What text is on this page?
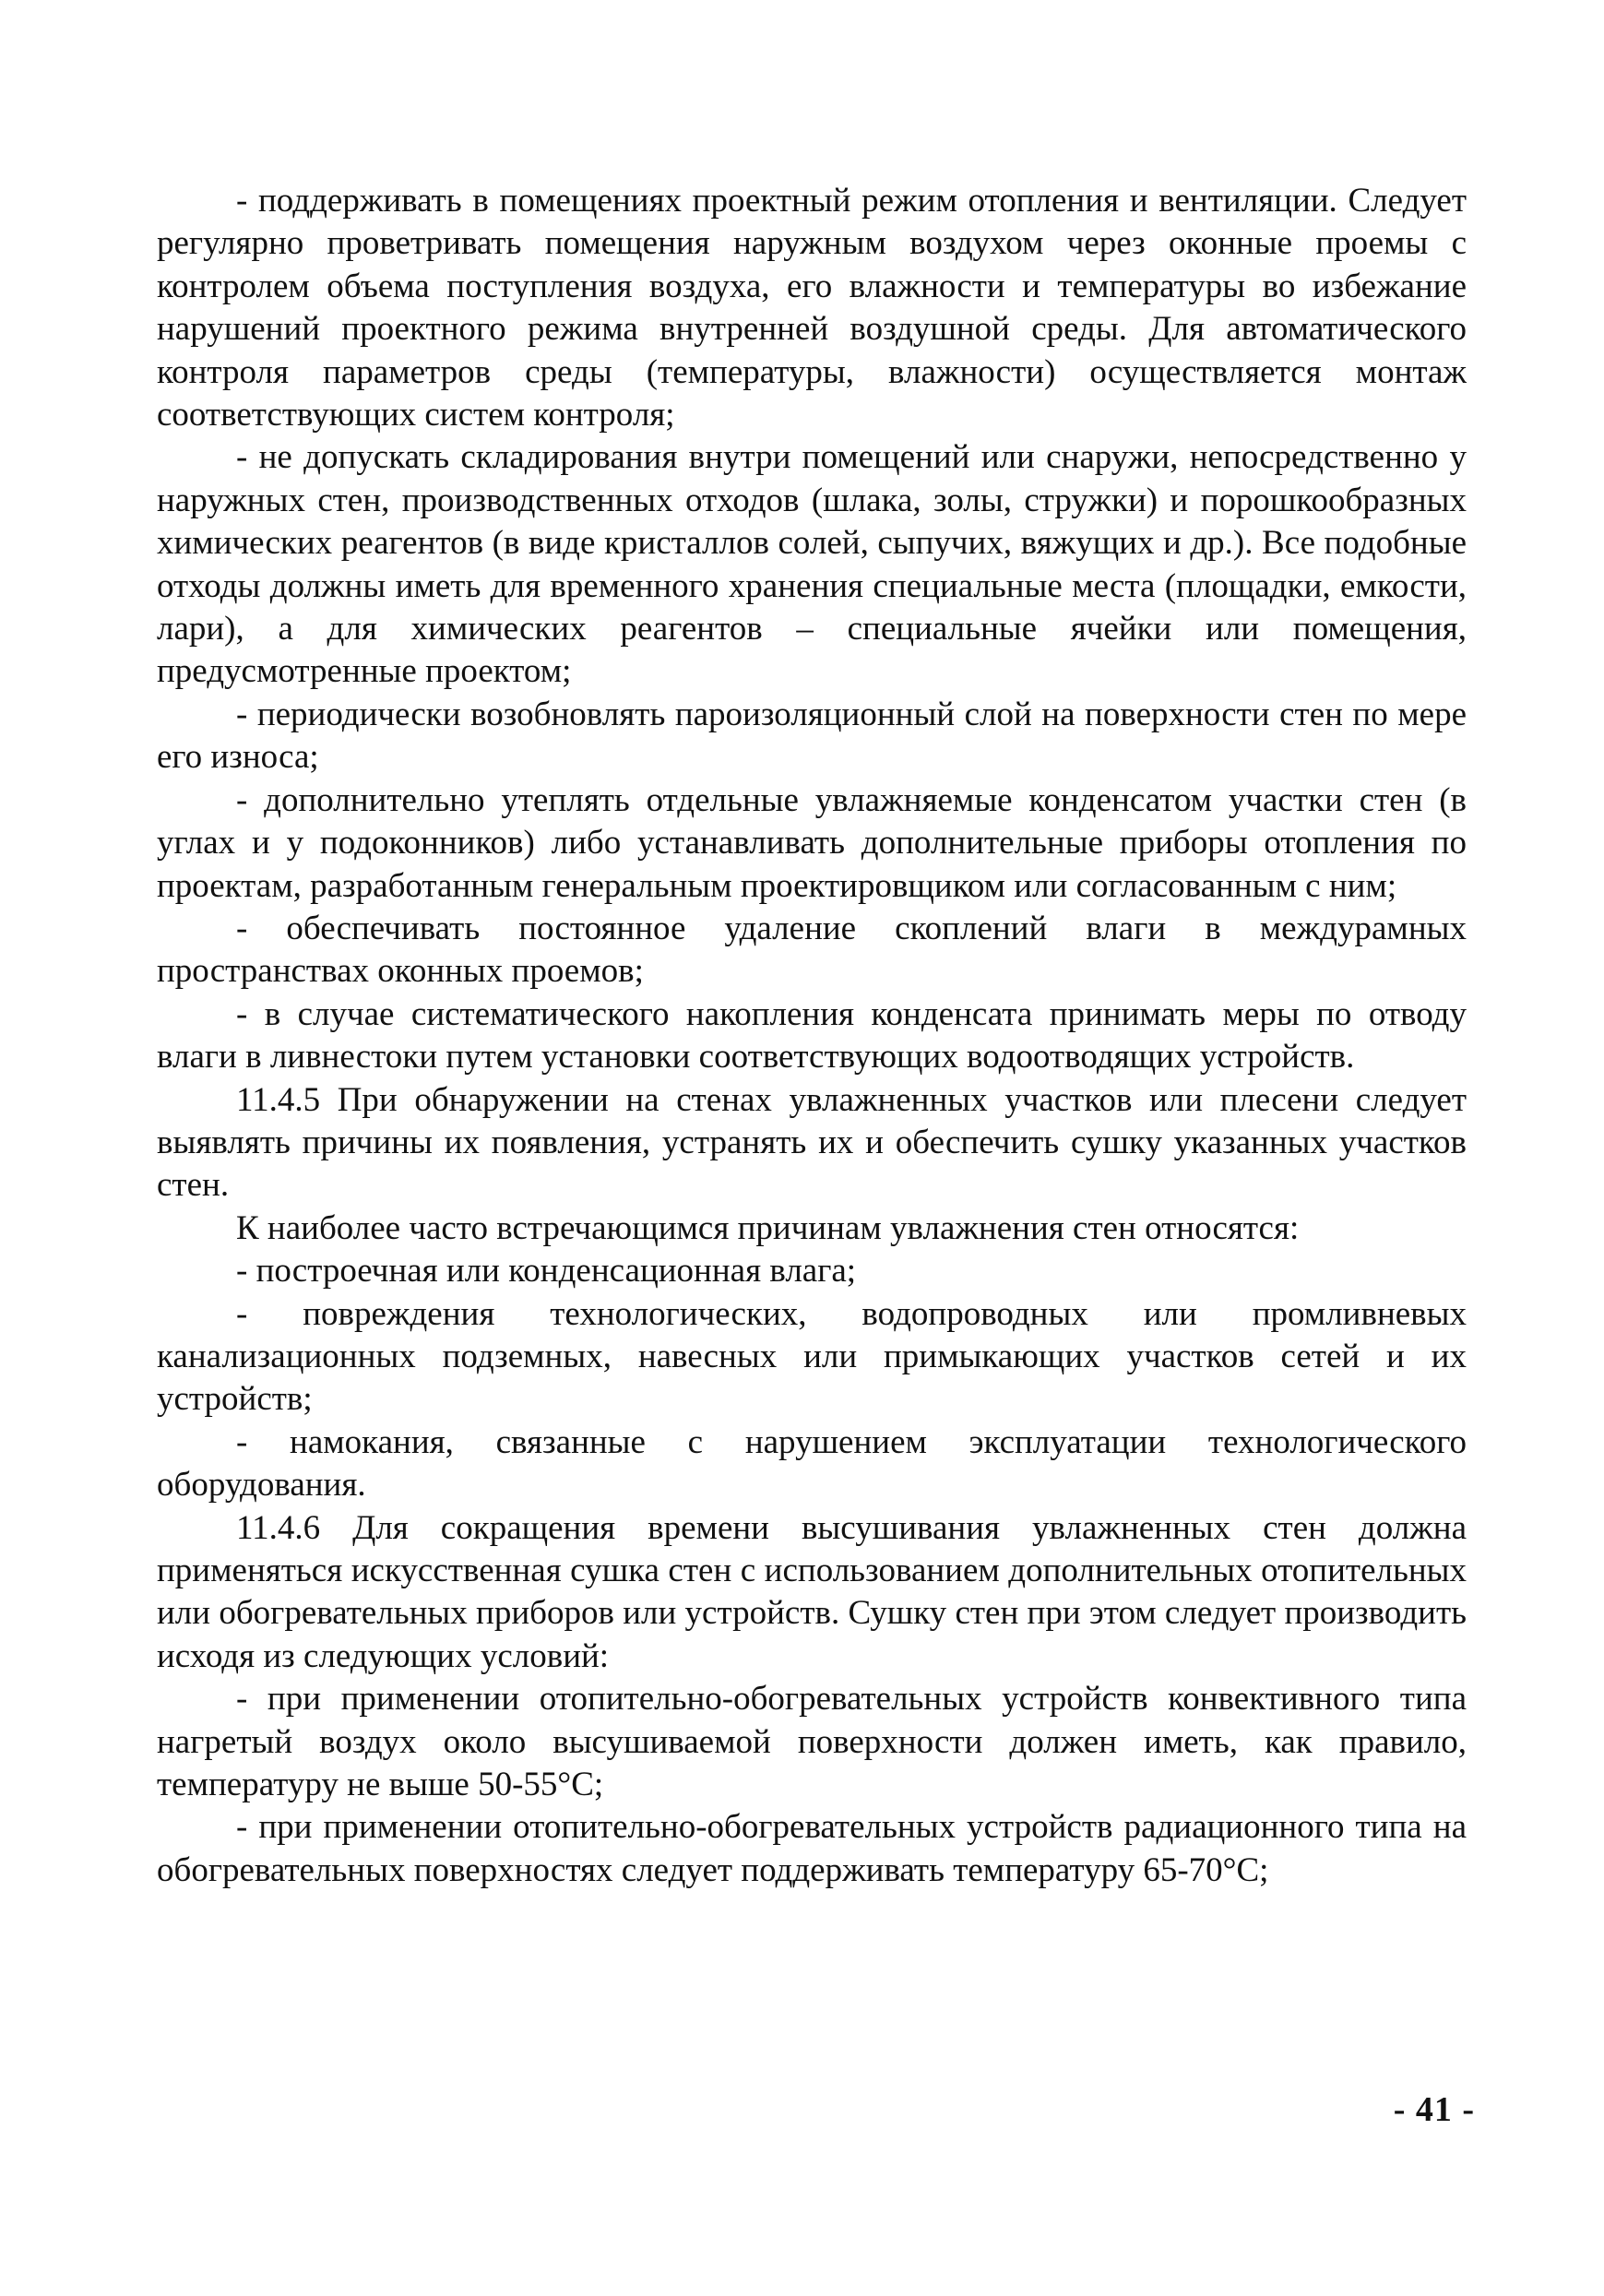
- поддерживать в помещениях проектный режим отопления и вентиляции. Следует регулярно проветривать помещения наружным воздухом через оконные проемы с контролем объема поступления воздуха, его влажности и температуры во избежание нарушений проектного режима внутренней воздушной среды. Для автоматического контроля параметров среды (температуры, влажности) осуществляется монтаж соответствующих систем контроля;

- не допускать складирования внутри помещений или снаружи, непосредственно у наружных стен, производственных отходов (шлака, золы, стружки) и порошкообразных химических реагентов (в виде кристаллов солей, сыпучих, вяжущих и др.). Все подобные отходы должны иметь для временного хранения специальные места (площадки, емкости, лари), а для химических реагентов – специальные ячейки или помещения, предусмотренные проектом;

- периодически возобновлять пароизоляционный слой на поверхности стен по мере его износа;

- дополнительно утеплять отдельные увлажняемые конденсатом участки стен (в углах и у подоконников) либо устанавливать дополнительные приборы отопления по проектам, разработанным генеральным проектировщиком или согласованным с ним;

- обеспечивать постоянное удаление скоплений влаги в междурамных пространствах оконных проемов;

- в случае систематического накопления конденсата принимать меры по отводу влаги в ливнестоки путем установки соответствующих водоотводящих устройств.

11.4.5 При обнаружении на стенах увлажненных участков или плесени следует выявлять причины их появления, устранять их и обеспечить сушку указанных участков стен.

К наиболее часто встречающимся причинам увлажнения стен относятся:

- построечная или конденсационная влага;

- повреждения технологических, водопроводных или промливневых канализационных подземных, навесных или примыкающих участков сетей и их устройств;

- намокания, связанные с нарушением эксплуатации технологического оборудования.

11.4.6 Для сокращения времени высушивания увлажненных стен должна применяться искусственная сушка стен с использованием дополнительных отопительных или обогревательных приборов или устройств. Сушку стен при этом следует производить исходя из следующих условий:

- при применении отопительно-обогревательных устройств конвективного типа нагретый воздух около высушиваемой поверхности должен иметь, как правило, температуру не выше 50-55°С;

- при применении отопительно-обогревательных устройств радиационного типа на обогревательных поверхностях следует поддерживать температуру 65-70°С;

- 41 -
